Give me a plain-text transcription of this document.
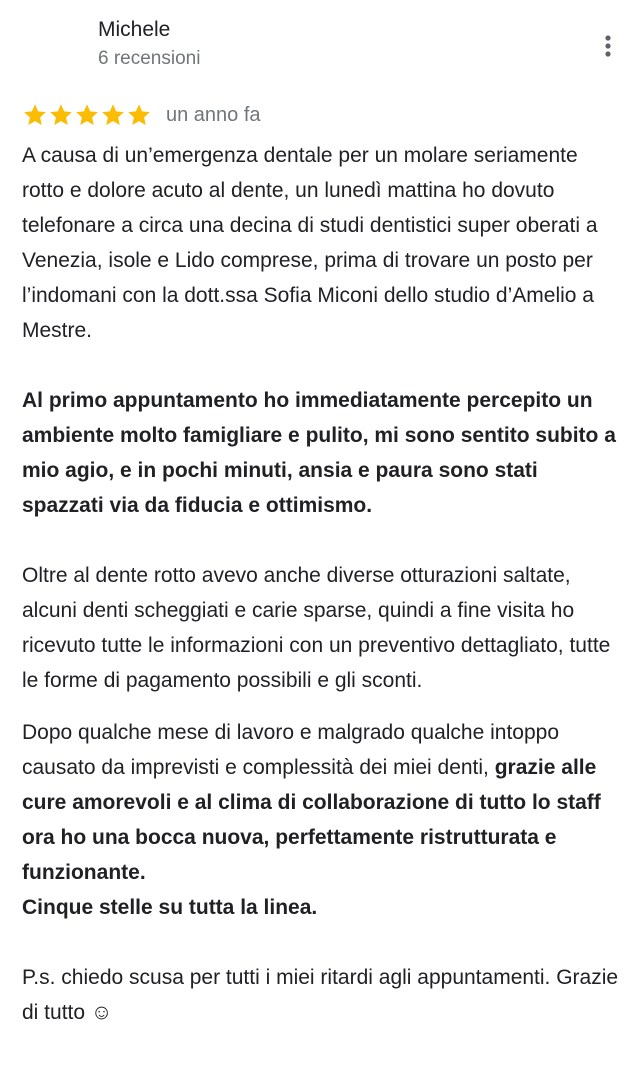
Michele
6 recensioni
un anno fa

A causa di un’emergenza dentale per un molare seriamente rotto e dolore acuto al dente, un lunedì mattina ho dovuto telefonare a circa una decina di studi dentistici super oberati a Venezia, isole e Lido comprese, prima di trovare un posto per l’indomani con la dott.ssa Sofia Miconi dello studio d’Amelio a Mestre.

Al primo appuntamento ho immediatamente percepito un ambiente molto famigliare e pulito, mi sono sentito subito a mio agio, e in pochi minuti, ansia e paura sono stati spazzati via da fiducia e ottimismo.

Oltre al dente rotto avevo anche diverse otturazioni saltate, alcuni denti scheggiati e carie sparse, quindi a fine visita ho ricevuto tutte le informazioni con un preventivo dettagliato, tutte le forme di pagamento possibili e gli sconti.

Dopo qualche mese di lavoro e malgrado qualche intoppo causato da imprevisti e complessità dei miei denti, grazie alle cure amorevoli e al clima di collaborazione di tutto lo staff ora ho una bocca nuova, perfettamente ristrutturata e funzionante.
Cinque stelle su tutta la linea.

P.s. chiedo scusa per tutti i miei ritardi agli appuntamenti. Grazie di tutto ☺
